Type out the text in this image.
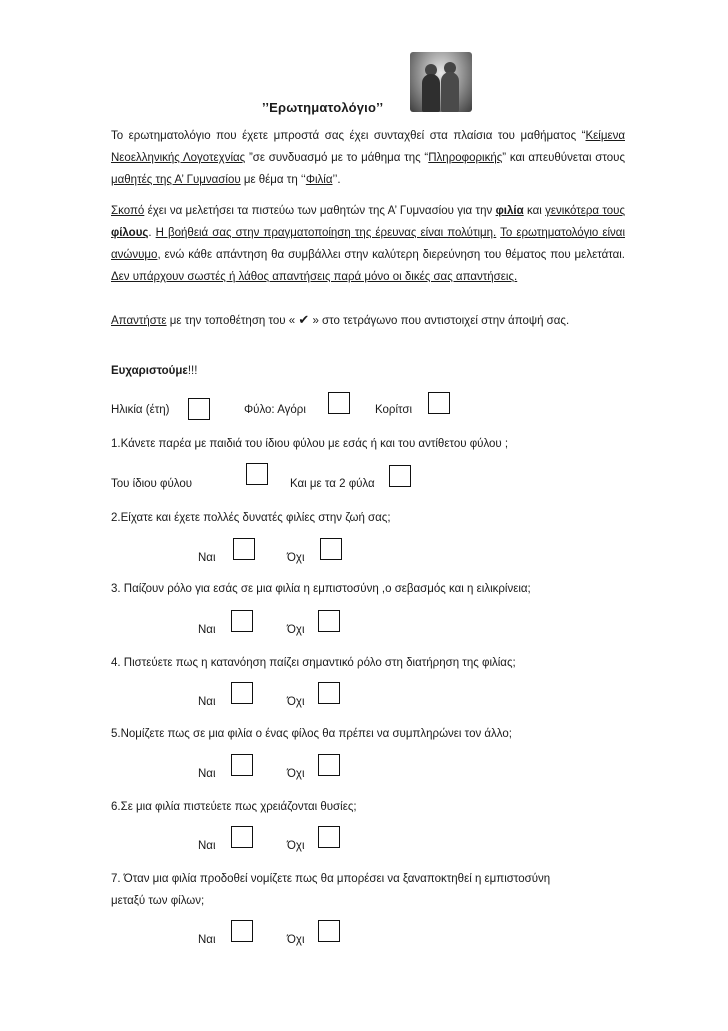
’’Ερωτηματολόγιο’’
Το ερωτηματολόγιο που έχετε μπροστά σας έχει συνταχθεί στα πλαίσια του μαθήματος “Κείμενα Νεοελληνικής Λογοτεχνίας ”σε συνδυασμό με το μάθημα της “Πληροφορικής” και απευθύνεται στους μαθητές της Α’ Γυμνασίου με θέμα τη ‘‘Φιλία’’.
Σκοπό έχει να μελετήσει τα πιστεύω των μαθητών της Α’ Γυμνασίου για την φιλία και γενικότερα τους φίλους. Η βοήθειά σας στην πραγματοποίηση της έρευνας είναι πολύτιμη. Το ερωτηματολόγιο είναι ανώνυμο, ενώ κάθε απάντηση θα συμβάλλει στην καλύτερη διερεύνηση του θέματος που μελετάται. Δεν υπάρχουν σωστές ή λάθος απαντήσεις παρά μόνο οι δικές σας απαντήσεις.
Απαντήστε με την τοποθέτηση του « ✔ » στο τετράγωνο που αντιστοιχεί στην άποψή σας.
Ευχαριστούμε!!!
Ηλικία (έτη)	Φύλο: Αγόρι	Κορίτσι
1.Κάνετε παρέα με παιδιά του ίδιου φύλου με εσάς ή και του αντίθετου φύλου ;
Του ίδιου φύλου	Και με τα 2 φύλα
2.Είχατε και έχετε πολλές δυνατές φιλίες στην ζωή σας;
Ναι	Όχι
3. Παίζουν ρόλο για εσάς σε μια φιλία η εμπιστοσύνη ,ο σεβασμός και η ειλικρίνεια;
Ναι	Όχι
4. Πιστεύετε πως η κατανόηση παίζει σημαντικό ρόλο στη διατήρηση της φιλίας;
Ναι	Όχι
5.Νομίζετε πως σε μια φιλία ο ένας φίλος θα πρέπει να συμπληρώνει τον άλλο;
Ναι	Όχι
6.Σε μια φιλία πιστεύετε πως χρειάζονται θυσίες;
Ναι	Όχι
7. Όταν μια φιλία προδοθεί νομίζετε πως θα μπορέσει να ξαναποκτηθεί η εμπιστοσύνη
μεταξύ των φίλων;
Ναι	Όχι
